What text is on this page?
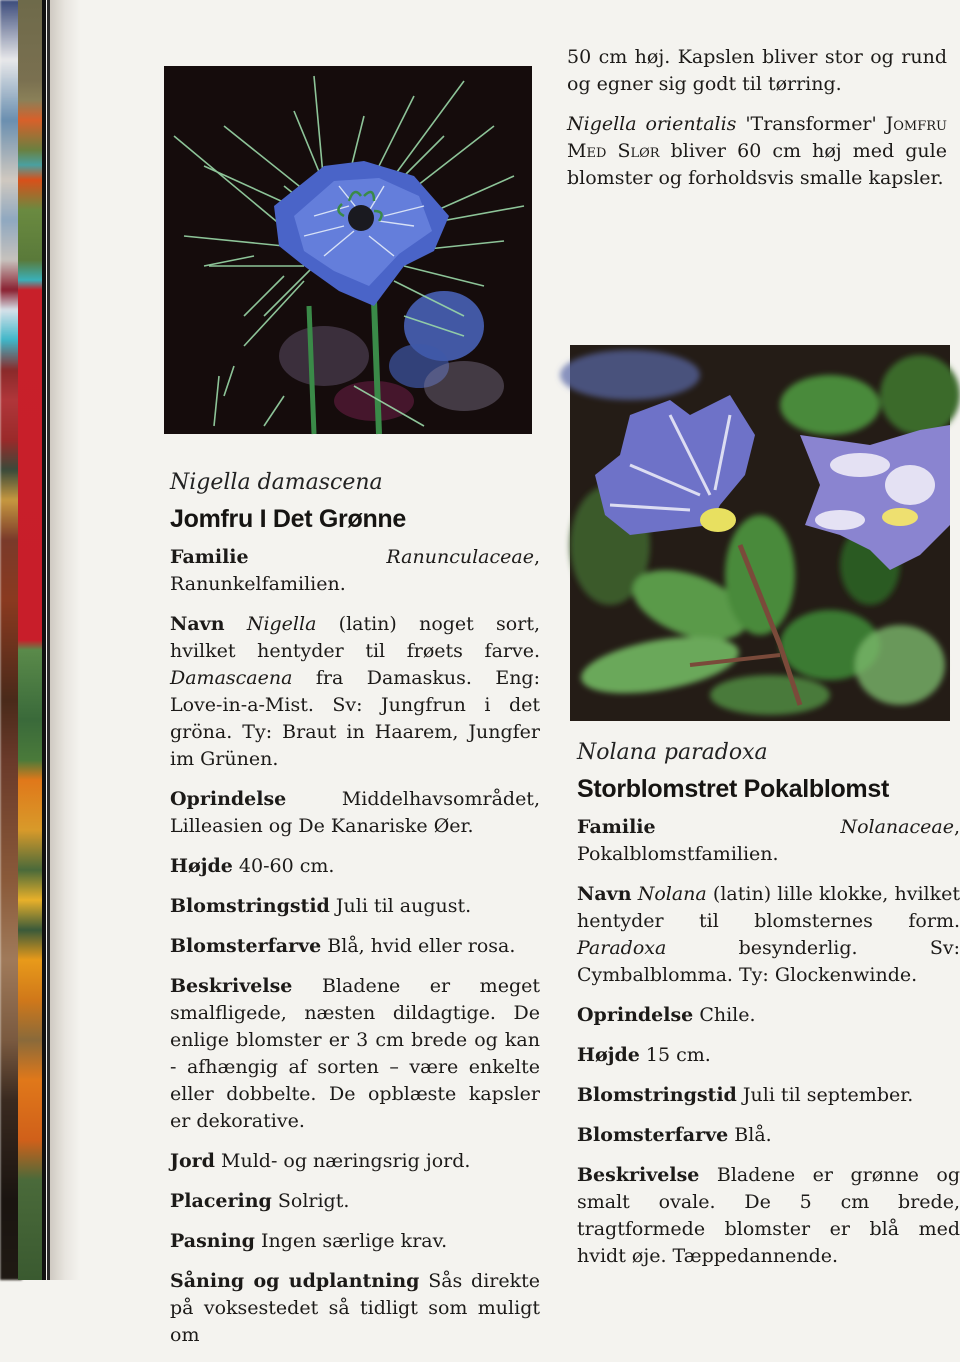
50 cm høj. Kapslen bliver stor og rund og egner sig godt til tørring.

Nigella orientalis 'Transformer' Jomfru Med Slør bliver 60 cm høj med gule blomster og forholdsvis smalle kapsler.

Nigella damascena
Jomfru I Det Grønne

Familie	Ranunculaceae, Ranunkelfamilien.

Navn Nigella (latin) noget sort, hvilket hentyder til frøets farve. Damascaena fra Damaskus. Eng: Love-in-a-Mist. Sv: Jungfrun i det gröna. Ty: Braut in Haarem, Jungfer im Grünen.

Oprindelse	Middelhavsområdet, Lilleasien og De Kanariske Øer.

Højde 40-60 cm.

Blomstringstid Juli til august.

Blomsterfarve Blå, hvid eller rosa.

Beskrivelse Bladene er meget smalfligede, næsten dildagtige. De enlige blomster er 3 cm brede og kan - afhængig af sorten – være enkelte eller dobbelte. De opblæste kapsler er dekorative.

Jord Muld- og næringsrig jord.

Placering Solrigt.

Pasning Ingen særlige krav.

Såning og udplantning Sås direkte på voksestedet så tidligt som muligt om

Nolana paradoxa
Storblomstret Pokalblomst

Familie	Nolanaceae, Pokalblomstfamilien.

Navn Nolana (latin) lille klokke, hvilket hentyder til blomsternes form. Paradoxa besynderlig. Sv: Cymbalblomma. Ty: Glockenwinde.

Oprindelse Chile.

Højde 15 cm.

Blomstringstid Juli til september.

Blomsterfarve Blå.

Beskrivelse Bladene er grønne og smalt ovale. De 5 cm brede, tragtformede blomster er blå med hvidt øje. Tæppedannende.
